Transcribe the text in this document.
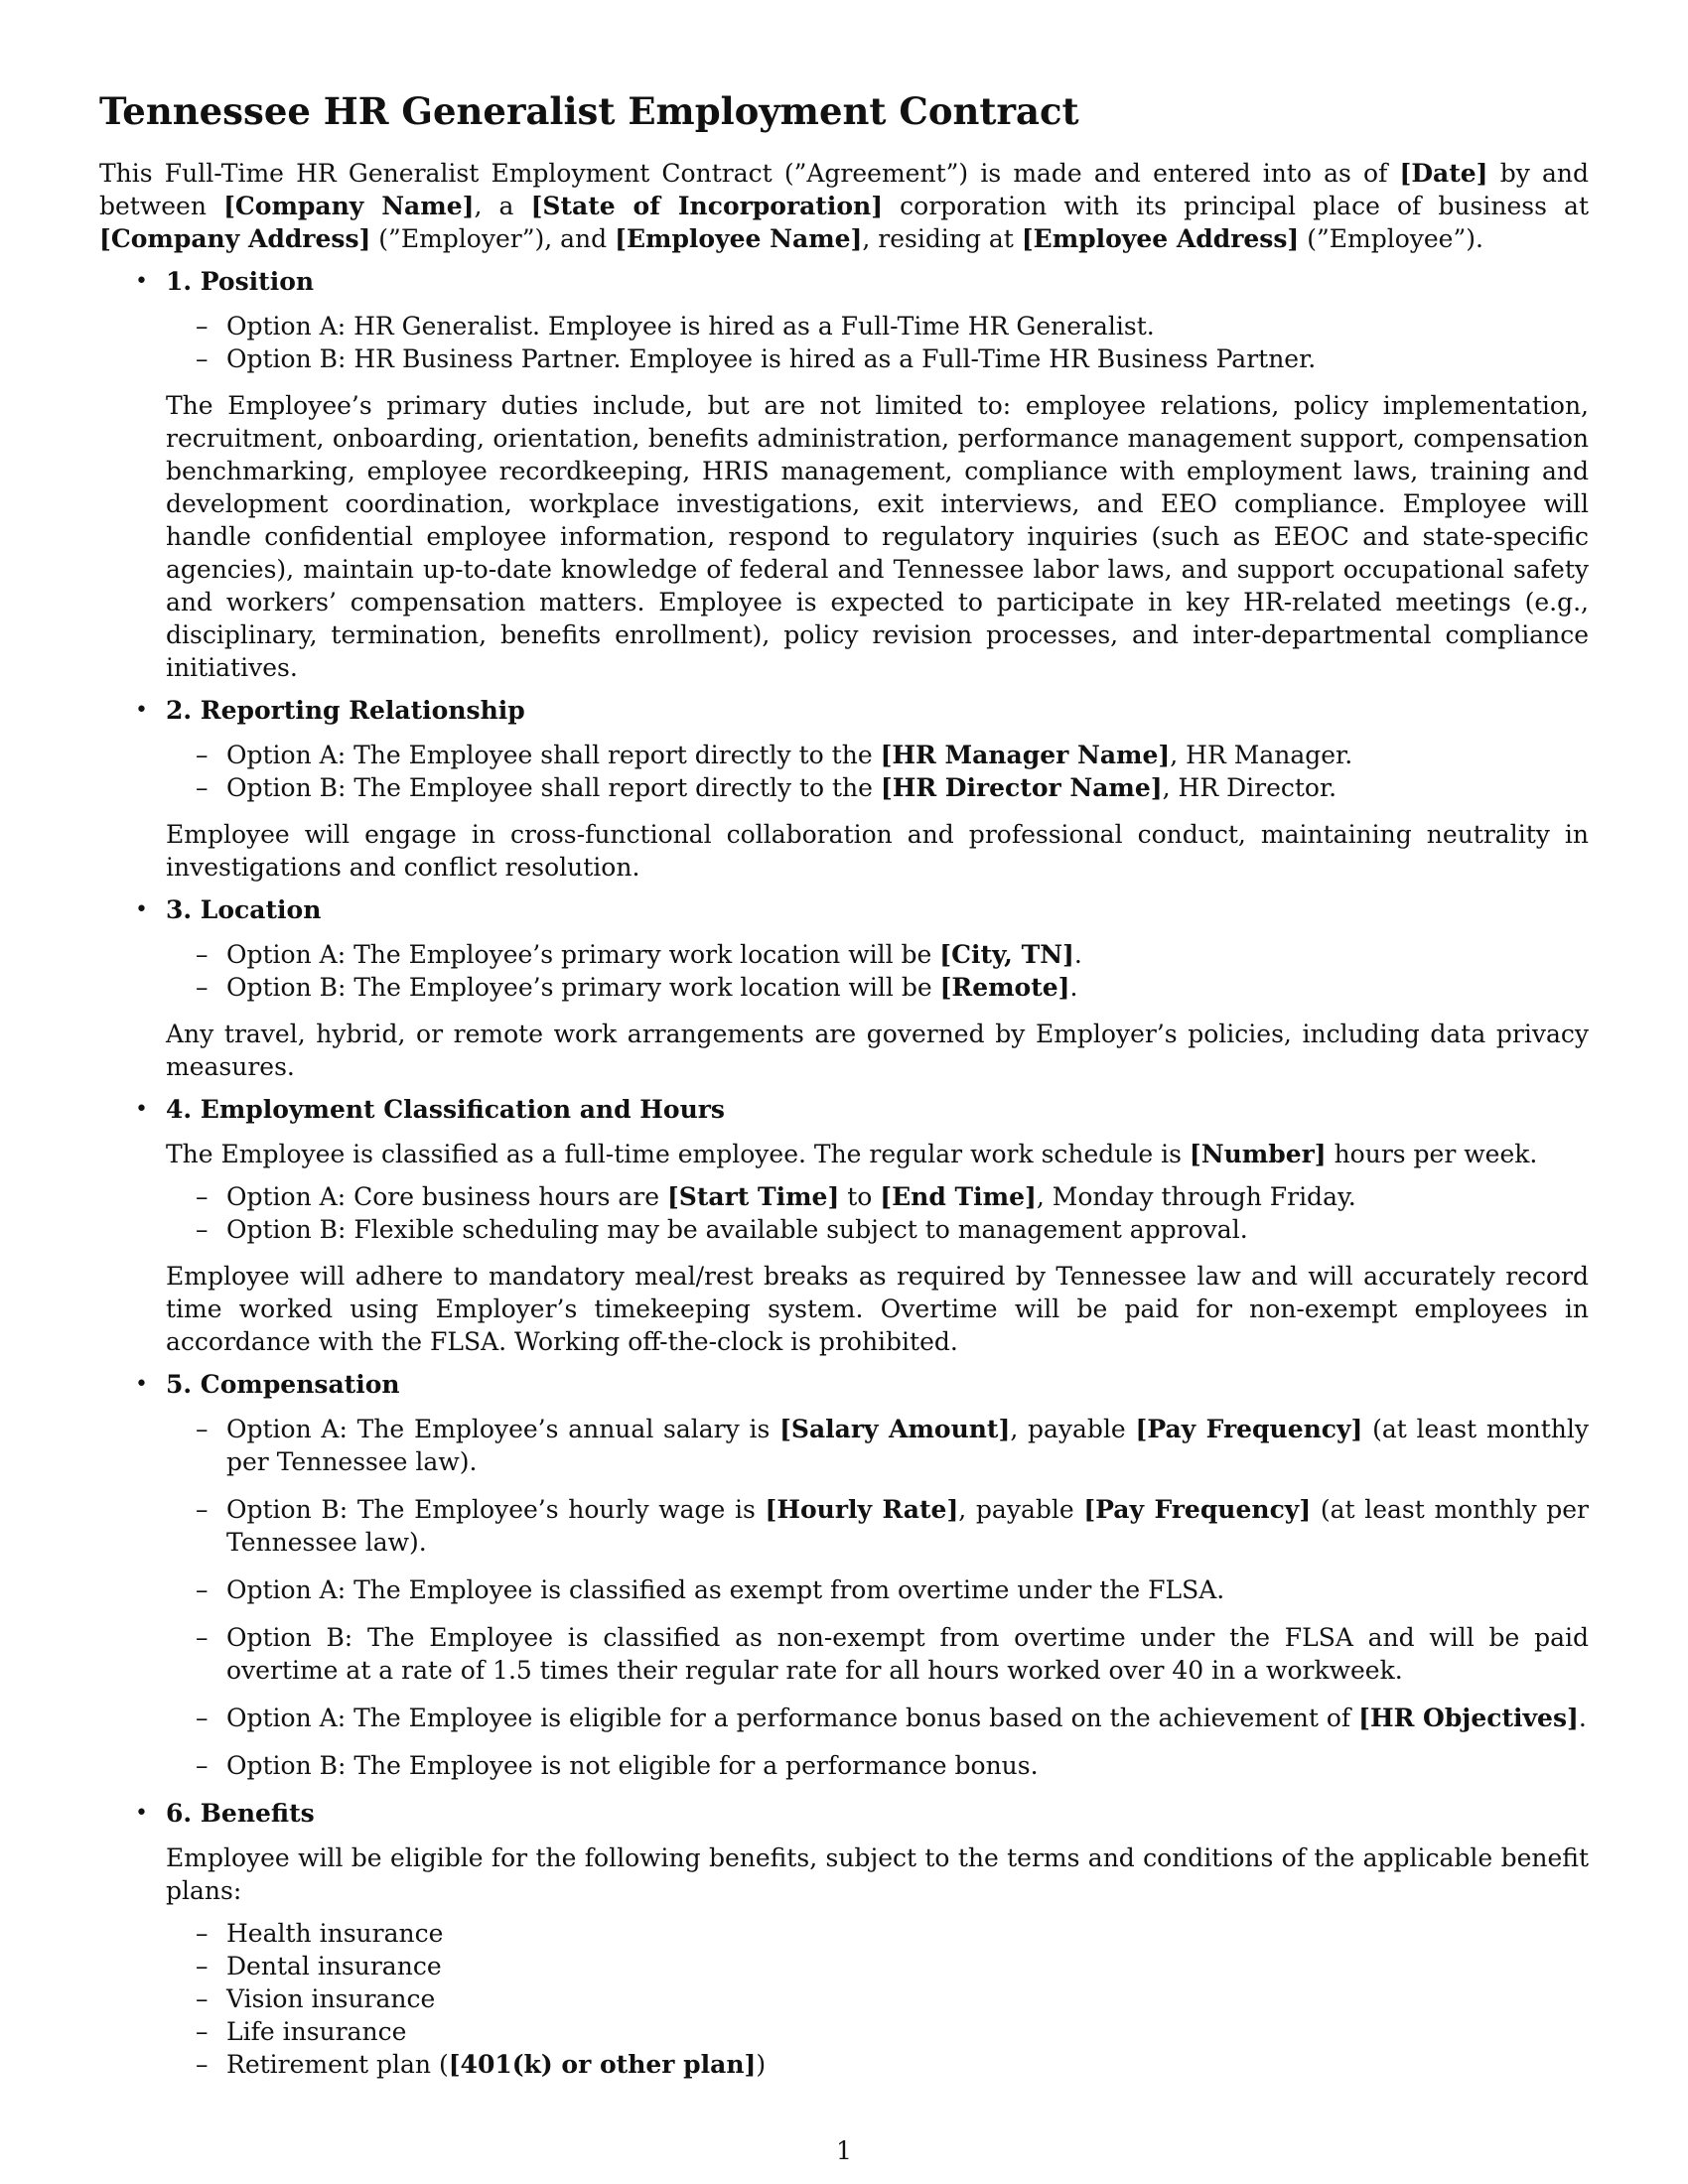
Tennessee HR Generalist Employment Contract

This Full-Time HR Generalist Employment Contract (”Agreement”) is made and entered into as of [Date] by and between [Company Name], a [State of Incorporation] corporation with its principal place of business at [Company Address] (”Employer”), and [Employee Name], residing at [Employee Address] (”Employee”).

• 1. Position
– Option A: HR Generalist. Employee is hired as a Full-Time HR Generalist.
– Option B: HR Business Partner. Employee is hired as a Full-Time HR Business Partner.

The Employee’s primary duties include, but are not limited to: employee relations, policy implementation, recruitment, onboarding, orientation, benefits administration, performance management support, compensation benchmarking, employee recordkeeping, HRIS management, compliance with employment laws, training and development coordination, workplace investigations, exit interviews, and EEO compliance. Employee will handle confidential employee information, respond to regulatory inquiries (such as EEOC and state-specific agencies), maintain up-to-date knowledge of federal and Tennessee labor laws, and support occupational safety and workers’ compensation matters. Employee is expected to participate in key HR-related meetings (e.g., disciplinary, termination, benefits enrollment), policy revision processes, and inter-departmental compliance initiatives.

• 2. Reporting Relationship
– Option A: The Employee shall report directly to the [HR Manager Name], HR Manager.
– Option B: The Employee shall report directly to the [HR Director Name], HR Director.

Employee will engage in cross-functional collaboration and professional conduct, maintaining neutrality in investigations and conflict resolution.

• 3. Location
– Option A: The Employee’s primary work location will be [City, TN].
– Option B: The Employee’s primary work location will be [Remote].

Any travel, hybrid, or remote work arrangements are governed by Employer’s policies, including data privacy measures.

• 4. Employment Classification and Hours

The Employee is classified as a full-time employee. The regular work schedule is [Number] hours per week.

– Option A: Core business hours are [Start Time] to [End Time], Monday through Friday.
– Option B: Flexible scheduling may be available subject to management approval.

Employee will adhere to mandatory meal/rest breaks as required by Tennessee law and will accurately record time worked using Employer’s timekeeping system. Overtime will be paid for non-exempt employees in accordance with the FLSA. Working off-the-clock is prohibited.

• 5. Compensation
– Option A: The Employee’s annual salary is [Salary Amount], payable [Pay Frequency] (at least monthly per Tennessee law).
– Option B: The Employee’s hourly wage is [Hourly Rate], payable [Pay Frequency] (at least monthly per Tennessee law).
– Option A: The Employee is classified as exempt from overtime under the FLSA.
– Option B: The Employee is classified as non-exempt from overtime under the FLSA and will be paid overtime at a rate of 1.5 times their regular rate for all hours worked over 40 in a workweek.
– Option A: The Employee is eligible for a performance bonus based on the achievement of [HR Objectives].
– Option B: The Employee is not eligible for a performance bonus.
• 6. Benefits

Employee will be eligible for the following benefits, subject to the terms and conditions of the applicable benefit plans:

– Health insurance
– Dental insurance
– Vision insurance
– Life insurance
– Retirement plan ([401(k) or other plan])
1
